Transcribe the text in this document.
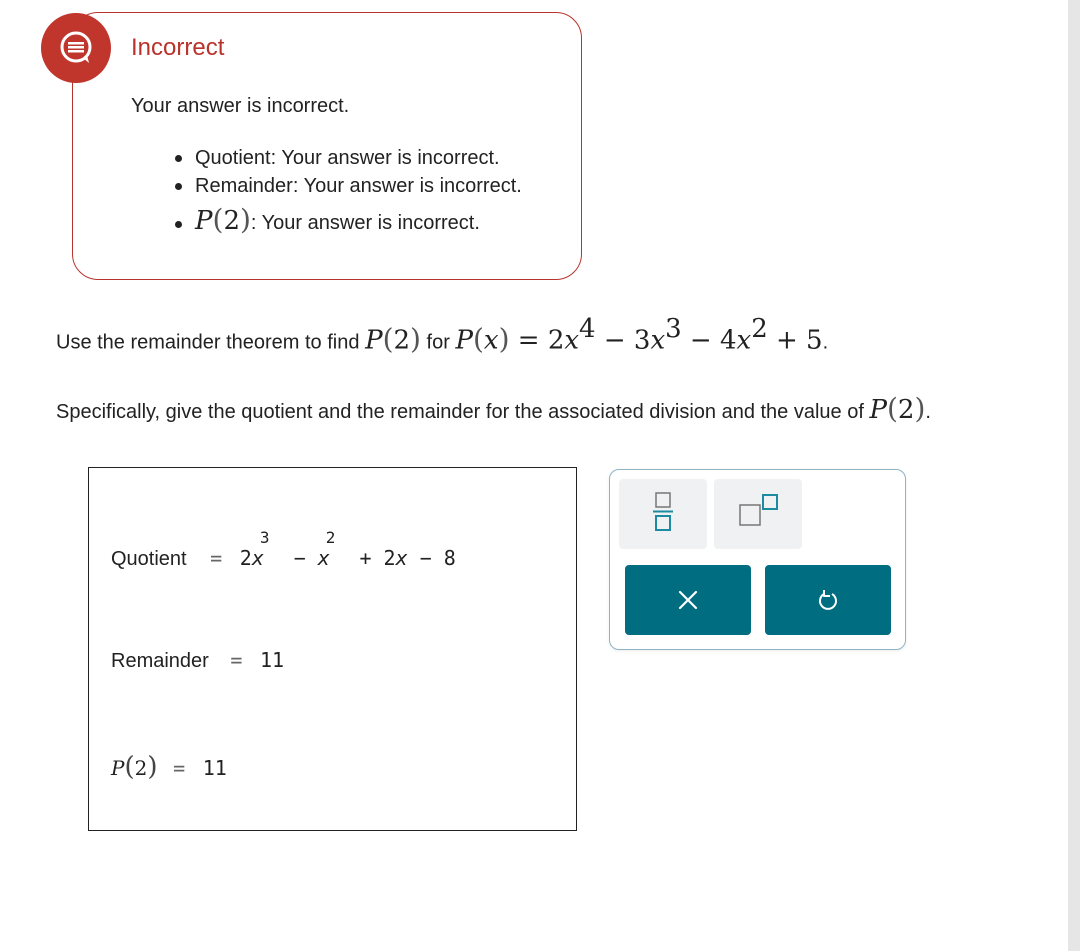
Incorrect
Your answer is incorrect.
Quotient: Your answer is incorrect.
Remainder: Your answer is incorrect.
P(2): Your answer is incorrect.
Use the remainder theorem to find P(2) for $P(x) = 2x^4 - 3x^3 - 4x^2 + 5$.
Specifically, give the quotient and the remainder for the associated division and the value of P(2).
Quotient = $2x^3 - x^2 + 2x - 8$
Remainder = 11
P(2) = 11
